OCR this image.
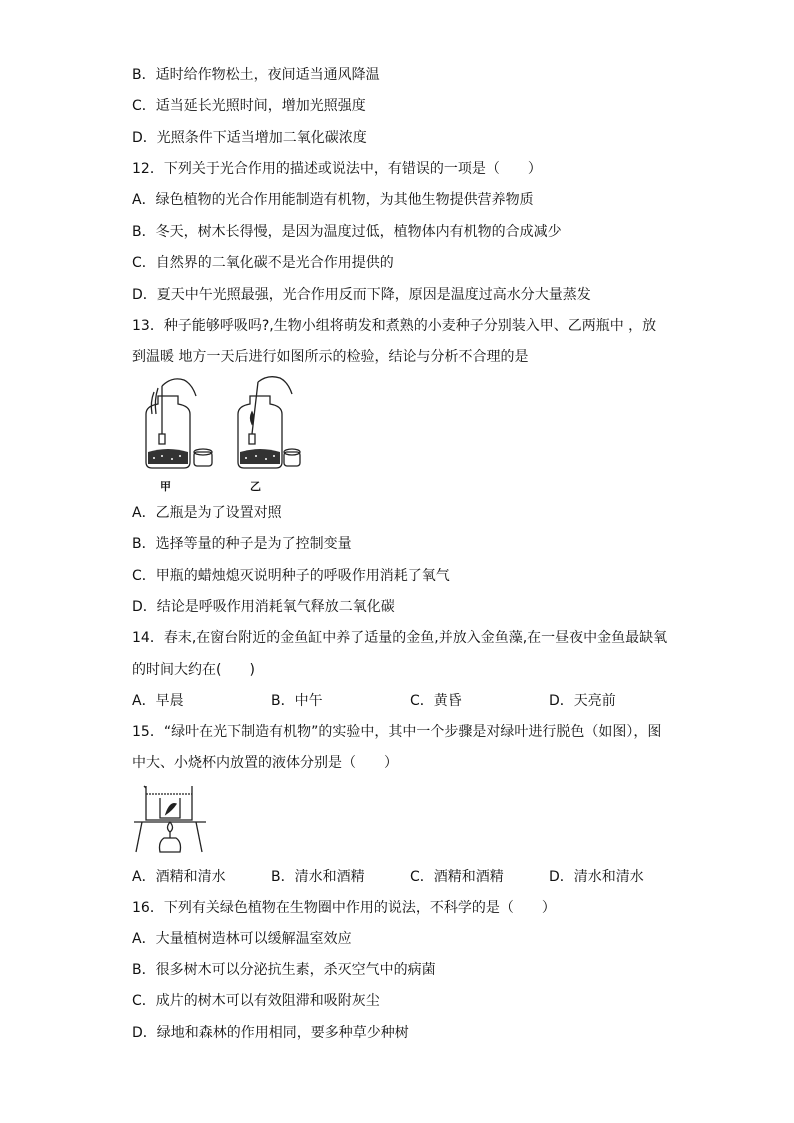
B．适时给作物松土，夜间适当通风降温
C．适当延长光照时间，增加光照强度
D．光照条件下适当增加二氧化碳浓度
12．下列关于光合作用的描述或说法中，有错误的一项是（　　）
A．绿色植物的光合作用能制造有机物，为其他生物提供营养物质
B．冬天，树木长得慢，是因为温度过低，植物体内有机物的合成减少
C．自然界的二氧化碳不是光合作用提供的
D．夏天中午光照最强，光合作用反而下降，原因是温度过高水分大量蒸发
13．种子能够呼吸吗?,生物小组将萌发和煮熟的小麦种子分别装入甲、乙两瓶中 ，放
到温暖 地方一天后进行如图所示的检验，结论与分析不合理的是
甲	乙
A．乙瓶是为了设置对照
B．选择等量的种子是为了控制变量
C．甲瓶的蜡烛熄灭说明种子的呼吸作用消耗了氧气
D．结论是呼吸作用消耗氧气释放二氧化碳
14．春末,在窗台附近的金鱼缸中养了适量的金鱼,并放入金鱼藻,在一昼夜中金鱼最缺氧
的时间大约在(　　)
A．早晨	B．中午	C．黄昏	D．天亮前
15．“绿叶在光下制造有机物”的实验中，其中一个步骤是对绿叶进行脱色（如图），图
中大、小烧杯内放置的液体分别是（　　）
A．酒精和清水	B．清水和酒精	C．酒精和酒精	D．清水和清水
16．下列有关绿色植物在生物圈中作用的说法，不科学的是（　　）
A．大量植树造林可以缓解温室效应
B．很多树木可以分泌抗生素，杀灭空气中的病菌
C．成片的树木可以有效阻滞和吸附灰尘
D．绿地和森林的作用相同，要多种草少种树
